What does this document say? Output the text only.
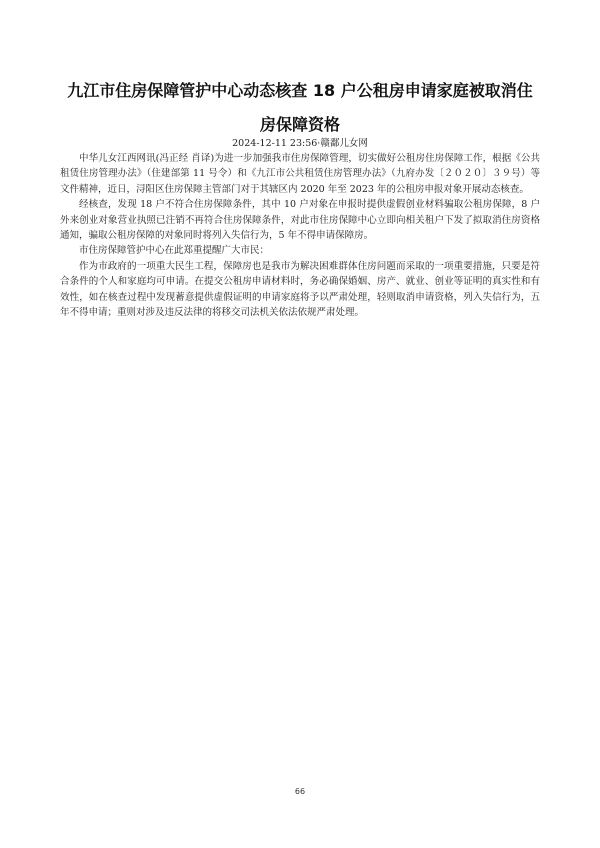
九江市住房保障管护中心动态核查 18 户公租房申请家庭被取消住房保障资格
2024-12-11 23:56·赣鄱儿女网

中华儿女江西网讯(冯正经 肖译)为进一步加强我市住房保障管理，切实做好公租房住房保障工作，根据《公共租赁住房管理办法》（住建部第 11 号令）和《九江市公共租赁住房管理办法》（九府办发〔２０２０〕３９号）等文件精神，近日，浔阳区住房保障主管部门对于其辖区内 2020 年至 2023 年的公租房申报对象开展动态核查。

经核查，发现 18 户不符合住房保障条件，其中 10 户对象在申报时提供虚假创业材料骗取公租房保障，8 户外来创业对象营业执照已注销不再符合住房保障条件，对此市住房保障中心立即向相关租户下发了拟取消住房资格通知，骗取公租房保障的对象同时将列入失信行为，5 年不得申请保障房。

市住房保障管护中心在此郑重提醒广大市民：

作为市政府的一项重大民生工程，保障房也是我市为解决困难群体住房问题而采取的一项重要措施，只要是符合条件的个人和家庭均可申请。在提交公租房申请材料时，务必确保婚姻、房产、就业、创业等证明的真实性和有效性，如在核查过程中发现蓄意提供虚假证明的申请家庭将予以严肃处理，轻则取消申请资格，列入失信行为，五年不得申请；重则对涉及违反法律的将移交司法机关依法依规严肃处理。

66
